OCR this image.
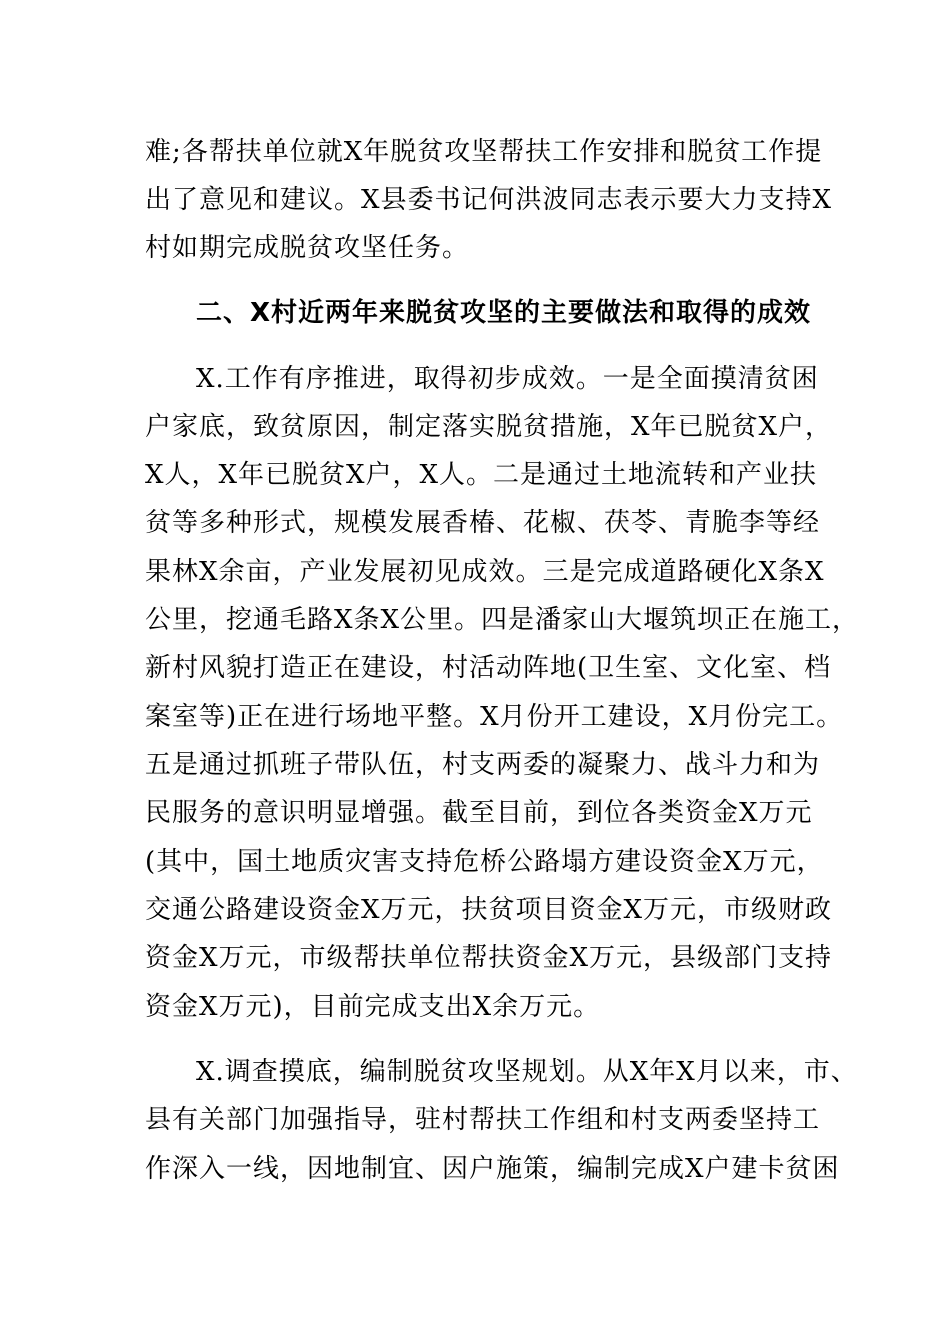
难;各帮扶单位就X年脱贫攻坚帮扶工作安排和脱贫工作提
出了意见和建议。X县委书记何洪波同志表示要大力支持X
村如期完成脱贫攻坚任务。
二、X村近两年来脱贫攻坚的主要做法和取得的成效
X.工作有序推进，取得初步成效。一是全面摸清贫困
户家底，致贫原因，制定落实脱贫措施，X年已脱贫X户，
X人，X年已脱贫X户，X人。二是通过土地流转和产业扶
贫等多种形式，规模发展香椿、花椒、茯苓、青脆李等经
果林X余亩，产业发展初见成效。三是完成道路硬化X条X
公里，挖通毛路X条X公里。四是潘家山大堰筑坝正在施工，
新村风貌打造正在建设，村活动阵地(卫生室、文化室、档
案室等)正在进行场地平整。X月份开工建设，X月份完工。
五是通过抓班子带队伍，村支两委的凝聚力、战斗力和为
民服务的意识明显增强。截至目前，到位各类资金X万元
(其中，国土地质灾害支持危桥公路塌方建设资金X万元，
交通公路建设资金X万元，扶贫项目资金X万元，市级财政
资金X万元，市级帮扶单位帮扶资金X万元，县级部门支持
资金X万元)，目前完成支出X余万元。
X.调查摸底，编制脱贫攻坚规划。从X年X月以来，市、
县有关部门加强指导，驻村帮扶工作组和村支两委坚持工
作深入一线，因地制宜、因户施策，编制完成X户建卡贫困
